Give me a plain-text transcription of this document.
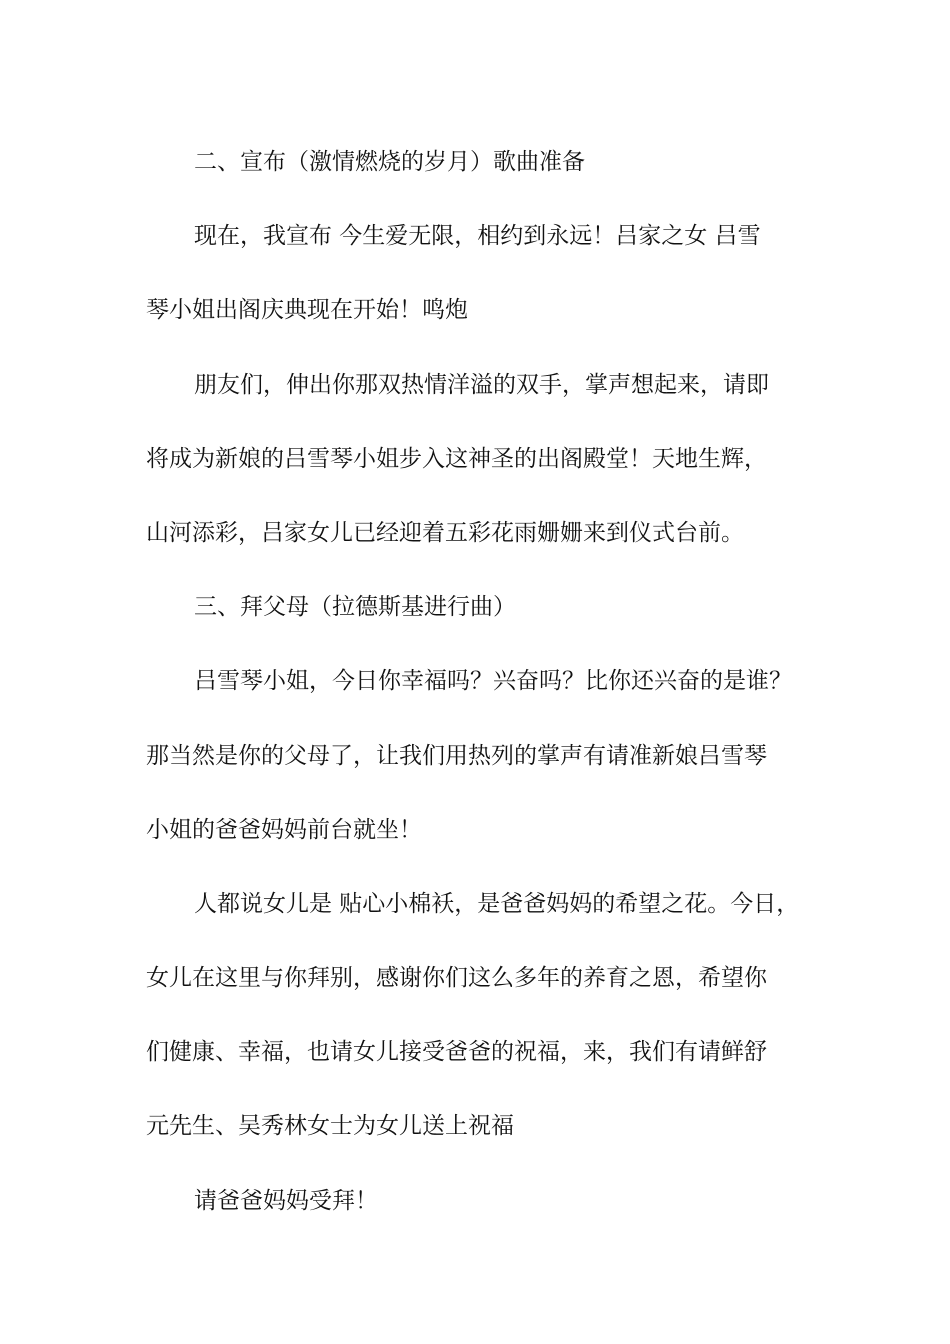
二、宣布（激情燃烧的岁月）歌曲准备
现在，我宣布 今生爱无限，相约到永远！吕家之女 吕雪
琴小姐出阁庆典现在开始！鸣炮
朋友们，伸出你那双热情洋溢的双手，掌声想起来，请即
将成为新娘的吕雪琴小姐步入这神圣的出阁殿堂！天地生辉，
山河添彩，吕家女儿已经迎着五彩花雨姗姗来到仪式台前。
三、拜父母（拉德斯基进行曲）
吕雪琴小姐，今日你幸福吗？兴奋吗？比你还兴奋的是谁？
那当然是你的父母了，让我们用热列的掌声有请准新娘吕雪琴
小姐的爸爸妈妈前台就坐！
人都说女儿是 贴心小棉袄，是爸爸妈妈的希望之花。今日，
女儿在这里与你拜别，感谢你们这么多年的养育之恩，希望你
们健康、幸福，也请女儿接受爸爸的祝福，来，我们有请鲜舒
元先生、吴秀林女士为女儿送上祝福
请爸爸妈妈受拜！
